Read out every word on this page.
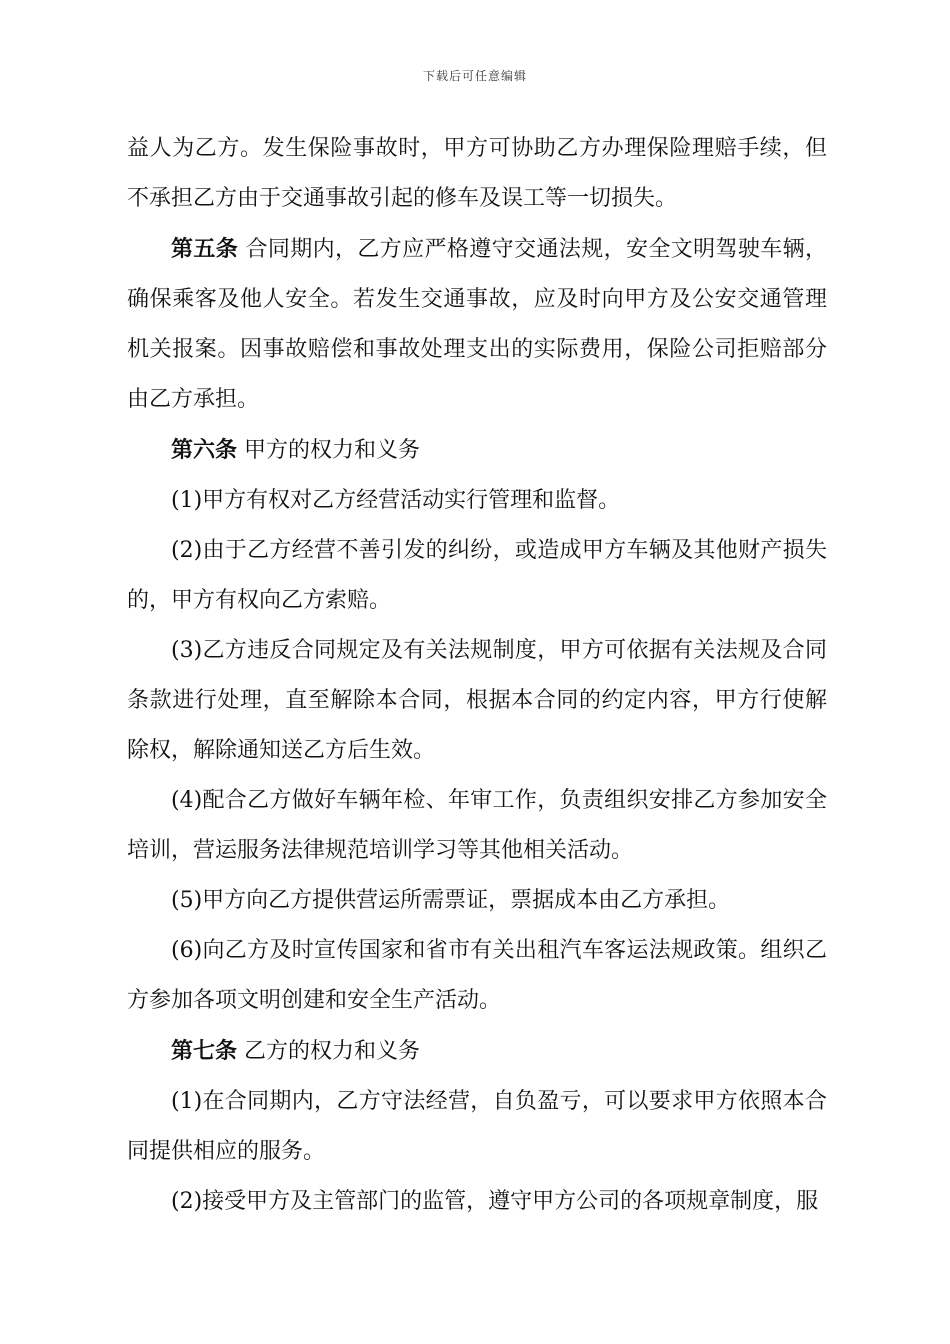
下载后可任意编辑

益人为乙方。发生保险事故时，甲方可协助乙方办理保险理赔手续，但不承担乙方由于交通事故引起的修车及误工等一切损失。

第五条 合同期内，乙方应严格遵守交通法规，安全文明驾驶车辆，确保乘客及他人安全。若发生交通事故，应及时向甲方及公安交通管理机关报案。因事故赔偿和事故处理支出的实际费用，保险公司拒赔部分由乙方承担。

第六条 甲方的权力和义务

(1)甲方有权对乙方经营活动实行管理和监督。

(2)由于乙方经营不善引发的纠纷，或造成甲方车辆及其他财产损失的，甲方有权向乙方索赔。

(3)乙方违反合同规定及有关法规制度，甲方可依据有关法规及合同条款进行处理，直至解除本合同，根据本合同的约定内容，甲方行使解除权，解除通知送乙方后生效。

(4)配合乙方做好车辆年检、年审工作，负责组织安排乙方参加安全培训，营运服务法律规范培训学习等其他相关活动。

(5)甲方向乙方提供营运所需票证，票据成本由乙方承担。

(6)向乙方及时宣传国家和省市有关出租汽车客运法规政策。组织乙方参加各项文明创建和安全生产活动。

第七条 乙方的权力和义务

(1)在合同期内，乙方守法经营，自负盈亏，可以要求甲方依照本合同提供相应的服务。

(2)接受甲方及主管部门的监管，遵守甲方公司的各项规章制度，服
